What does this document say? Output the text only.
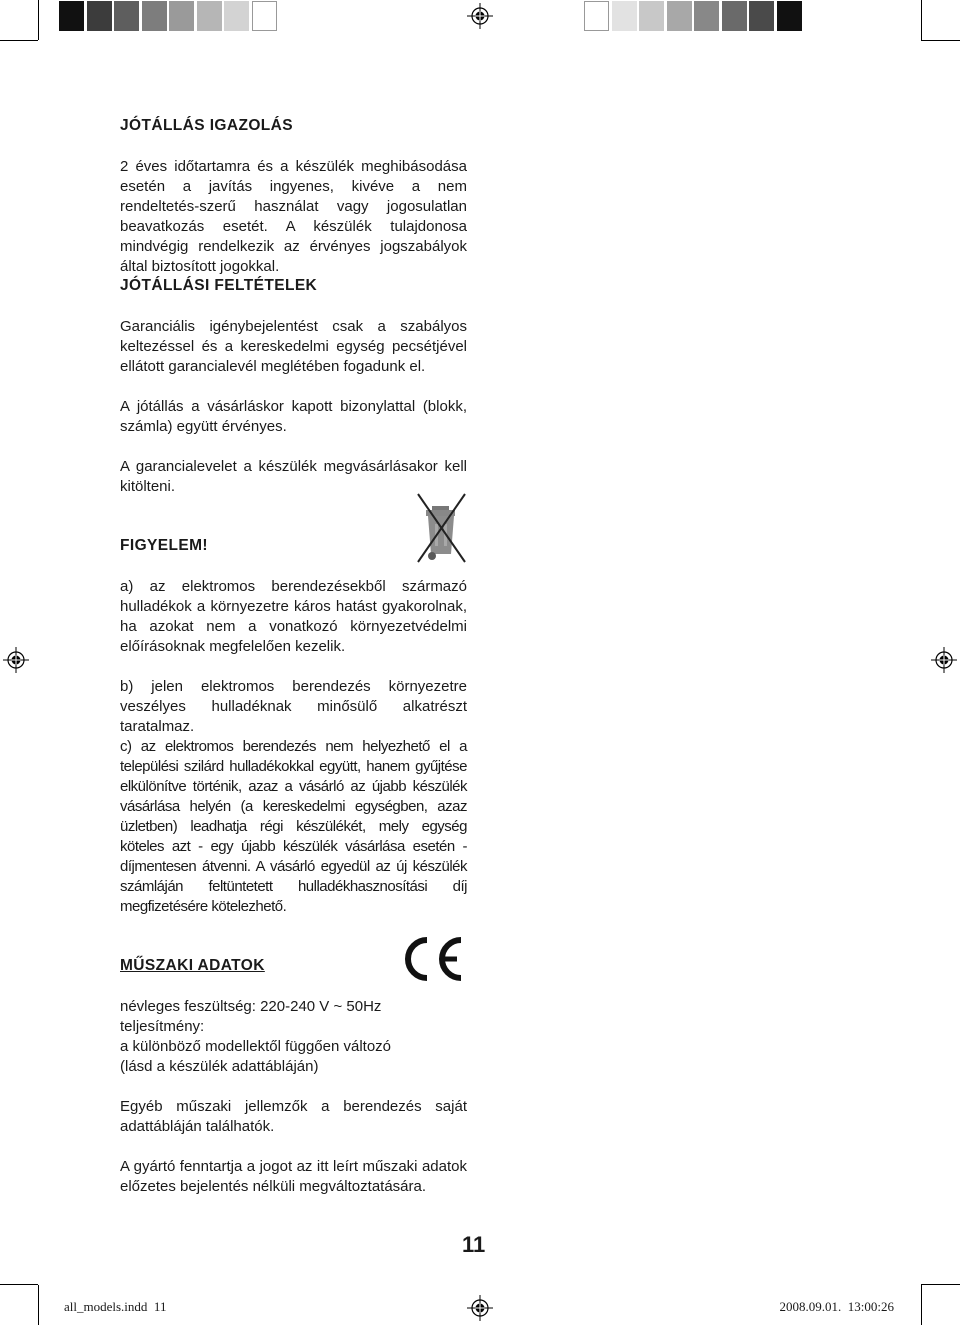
JÓTÁLLÁS IGAZOLÁS

2 éves időtartamra és a készülék meghibásodása esetén a javítás ingyenes, kivéve a nem rendeltetés-szerű használat vagy jogosulatlan beavatkozás esetét. A készülék tulajdonosa mindvégig rendelkezik az érvényes jogszabályok által biztosított jogokkal.

JÓTÁLLÁSI FELTÉTELEK

Garanciális igénybejelentést csak a szabályos keltezéssel és a kereskedelmi egység pecsétjével ellátott garancialevél meglétében fogadunk el.

A jótállás a vásárláskor kapott bizonylattal (blokk, számla) együtt érvényes.

A garancialevelet a készülék megvásárlásakor kell kitölteni.

FIGYELEM!

a) az elektromos berendezésekből származó hulladékok a környezetre káros hatást gyakorolnak, ha azokat nem a vonatkozó környezetvédelmi előírásoknak megfelelően kezelik.

b) jelen elektromos berendezés környezetre veszélyes hulladéknak minősülő alkatrészt taratalmaz.

c) az elektromos berendezés nem helyezhető el a települési szilárd hulladékokkal együtt, hanem gyűjtése elkülönítve történik, azaz a vásárló az újabb készülék vásárlása helyén (a kereskedelmi egységben, azaz üzletben) leadhatja régi készülékét, mely egység köteles azt - egy újabb készülék vásárlása esetén - díjmentesen átvenni. A vásárló egyedül az új készülék számláján feltüntetett hulladékhasznosítási díj megfizetésére kötelezhető.

MŰSZAKI ADATOK
névleges feszültség: 220-240 V ~ 50Hz
teljesítmény:
a különböző modellektől függően változó
(lásd a készülék adattábláján)

Egyéb műszaki jellemzők a berendezés saját adattábláján találhatók.

A gyártó fenntartja a jogot az itt leírt műszaki adatok előzetes bejelentés nélküli megváltoztatására.

11
all_models.indd 11	2008.09.01. 13:00:26
